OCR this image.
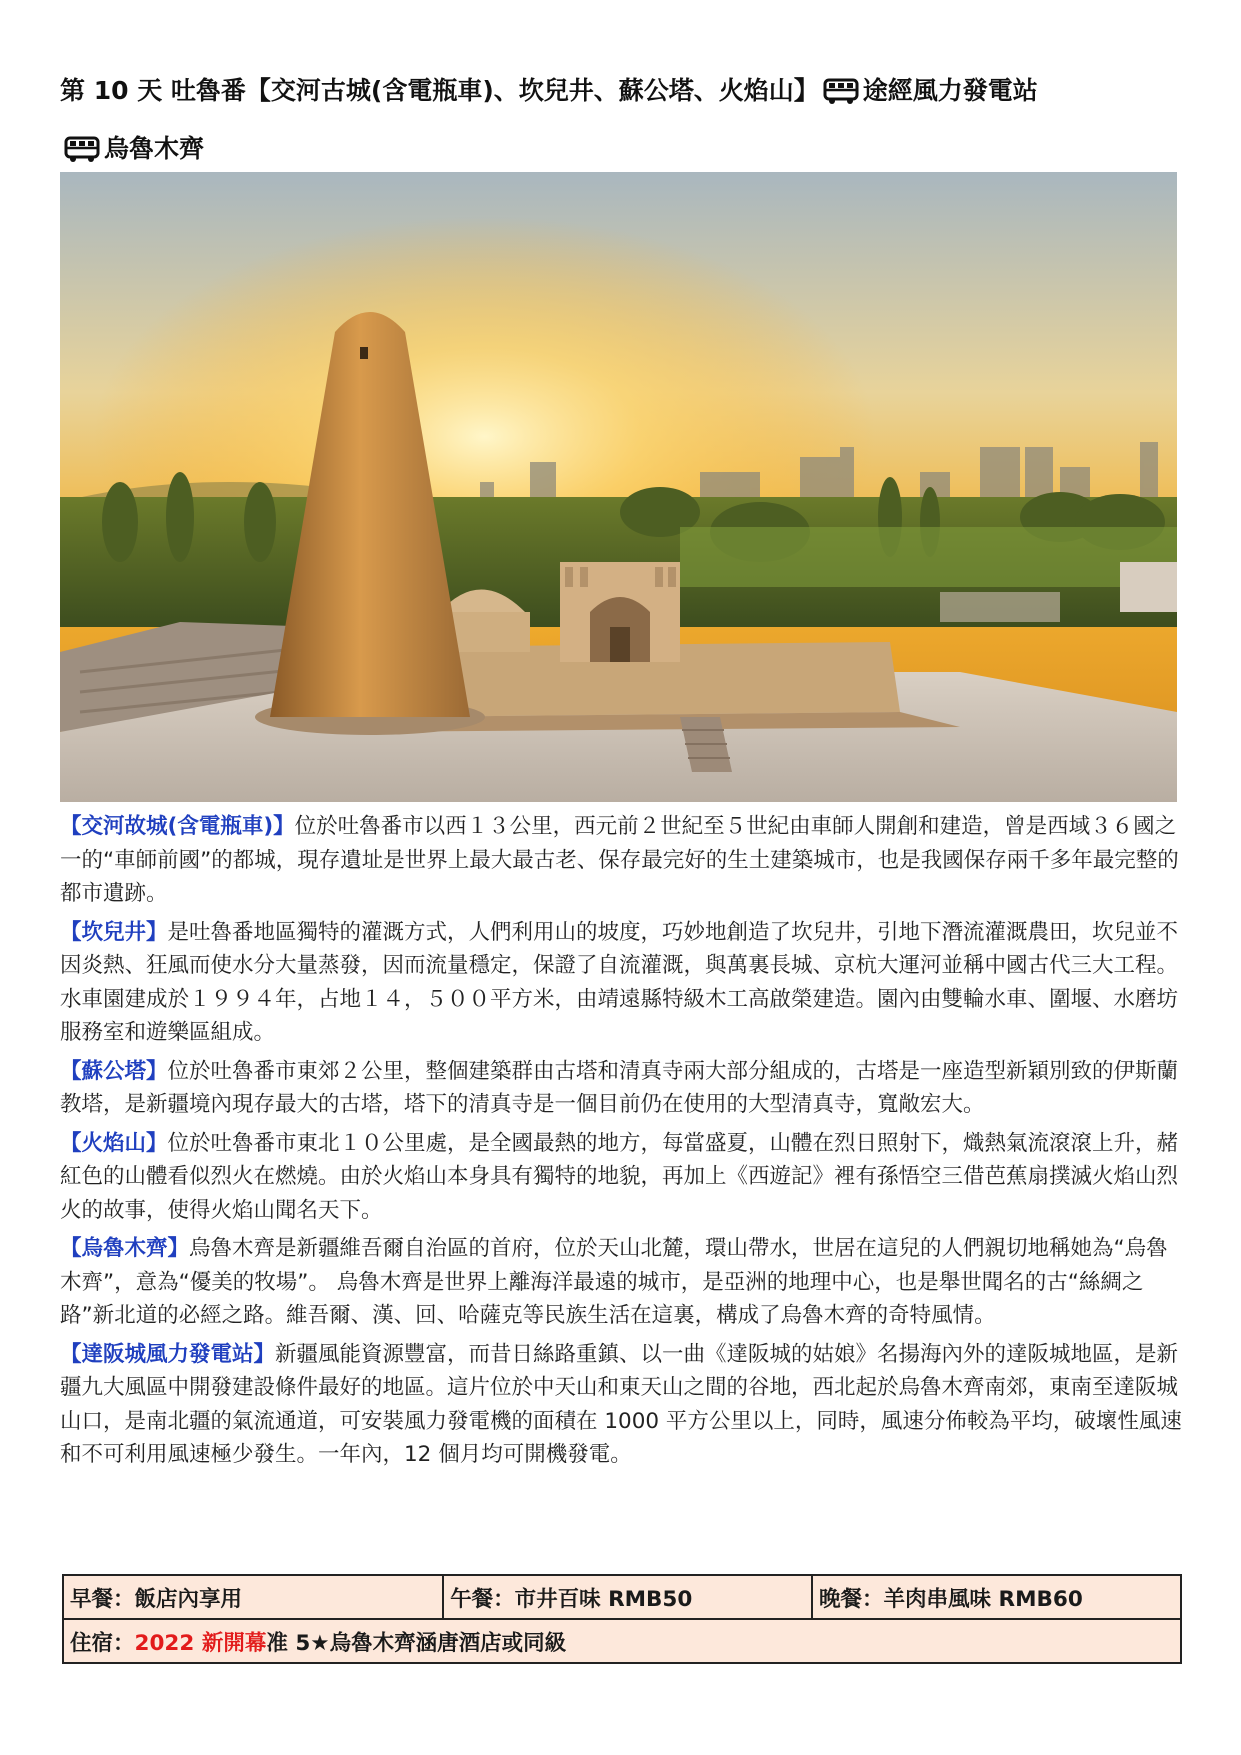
第 10 天 吐魯番【交河古城(含電瓶車)、坎兒井、蘇公塔、火焰山】 途經風力發電站
烏魯木齊

【交河故城(含電瓶車)】位於吐魯番市以西１３公里，西元前２世紀至５世紀由車師人開創和建造，曾是西域３６國之一的“車師前國”的都城，現存遺址是世界上最大最古老、保存最完好的生土建築城市，也是我國保存兩千多年最完整的都市遺跡。

【坎兒井】是吐魯番地區獨特的灌溉方式，人們利用山的坡度，巧妙地創造了坎兒井，引地下潛流灌溉農田，坎兒並不因炎熱、狂風而使水分大量蒸發，因而流量穩定，保證了自流灌溉，與萬裏長城、京杭大運河並稱中國古代三大工程。水車園建成於１９９４年，占地１４，５００平方米，由靖遠縣特級木工高啟榮建造。園內由雙輪水車、圍堰、水磨坊服務室和遊樂區組成。

【蘇公塔】位於吐魯番市東郊２公里，整個建築群由古塔和清真寺兩大部分組成的，古塔是一座造型新穎別致的伊斯蘭教塔，是新疆境內現存最大的古塔，塔下的清真寺是一個目前仍在使用的大型清真寺，寬敞宏大。

【火焰山】位於吐魯番市東北１０公里處，是全國最熱的地方，每當盛夏，山體在烈日照射下，熾熱氣流滾滾上升，赭紅色的山體看似烈火在燃燒。由於火焰山本身具有獨特的地貌，再加上《西遊記》裡有孫悟空三借芭蕉扇撲滅火焰山烈火的故事，使得火焰山聞名天下。

【烏魯木齊】烏魯木齊是新疆維吾爾自治區的首府，位於天山北麓，環山帶水，世居在這兒的人們親切地稱她為“烏魯木齊”，意為“優美的牧場”。 烏魯木齊是世界上離海洋最遠的城市，是亞洲的地理中心，也是舉世聞名的古“絲綢之路”新北道的必經之路。維吾爾、漢、回、哈薩克等民族生活在這裏，構成了烏魯木齊的奇特風情。

【達阪城風力發電站】新疆風能資源豐富，而昔日絲路重鎮、以一曲《達阪城的姑娘》名揚海內外的達阪城地區，是新疆九大風區中開發建設條件最好的地區。這片位於中天山和東天山之間的谷地，西北起於烏魯木齊南郊，東南至達阪城山口，是南北疆的氣流通道，可安裝風力發電機的面積在 1000 平方公里以上，同時，風速分佈較為平均，破壞性風速和不可利用風速極少發生。一年內，12 個月均可開機發電。

早餐：飯店內享用	午餐：市井百味 RMB50	晚餐：羊肉串風味 RMB60
住宿：2022 新開幕准 5★烏魯木齊涵唐酒店或同級
